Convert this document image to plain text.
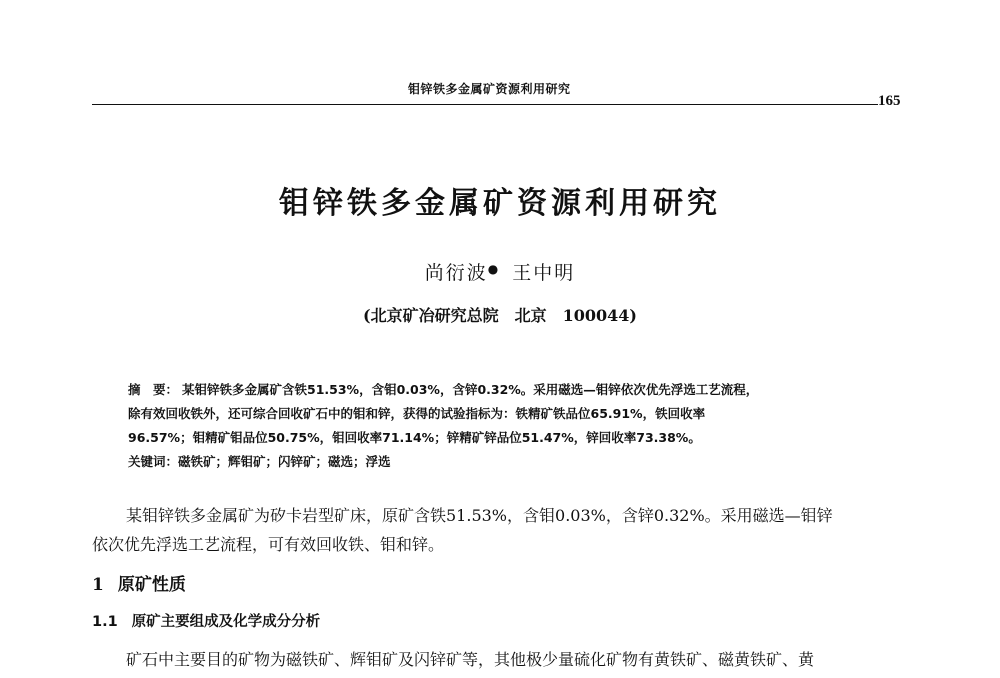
钼锌铁多金属矿资源利用研究
165
钼锌铁多金属矿资源利用研究
尚衍波● 王中明
(北京矿冶研究总院　北京　100044)

摘　要： 某钼锌铁多金属矿含铁51.53%，含钼0.03%，含锌0.32%。采用磁选—钼锌依次优先浮选工艺流程，

除有效回收铁外，还可综合回收矿石中的钼和锌，获得的试验指标为：铁精矿铁品位65.91%，铁回收率

96.57%；钼精矿钼品位50.75%，钼回收率71.14%；锌精矿锌品位51.47%，锌回收率73.38%。

关键词：磁铁矿；辉钼矿；闪锌矿；磁选；浮选

某钼锌铁多金属矿为矽卡岩型矿床，原矿含铁51.53%，含钼0.03%，含锌0.32%。采用磁选—钼锌

依次优先浮选工艺流程，可有效回收铁、钼和锌。

1 原矿性质
1.1 原矿主要组成及化学成分分析

矿石中主要目的矿物为磁铁矿、辉钼矿及闪锌矿等，其他极少量硫化矿物有黄铁矿、磁黄铁矿、黄
